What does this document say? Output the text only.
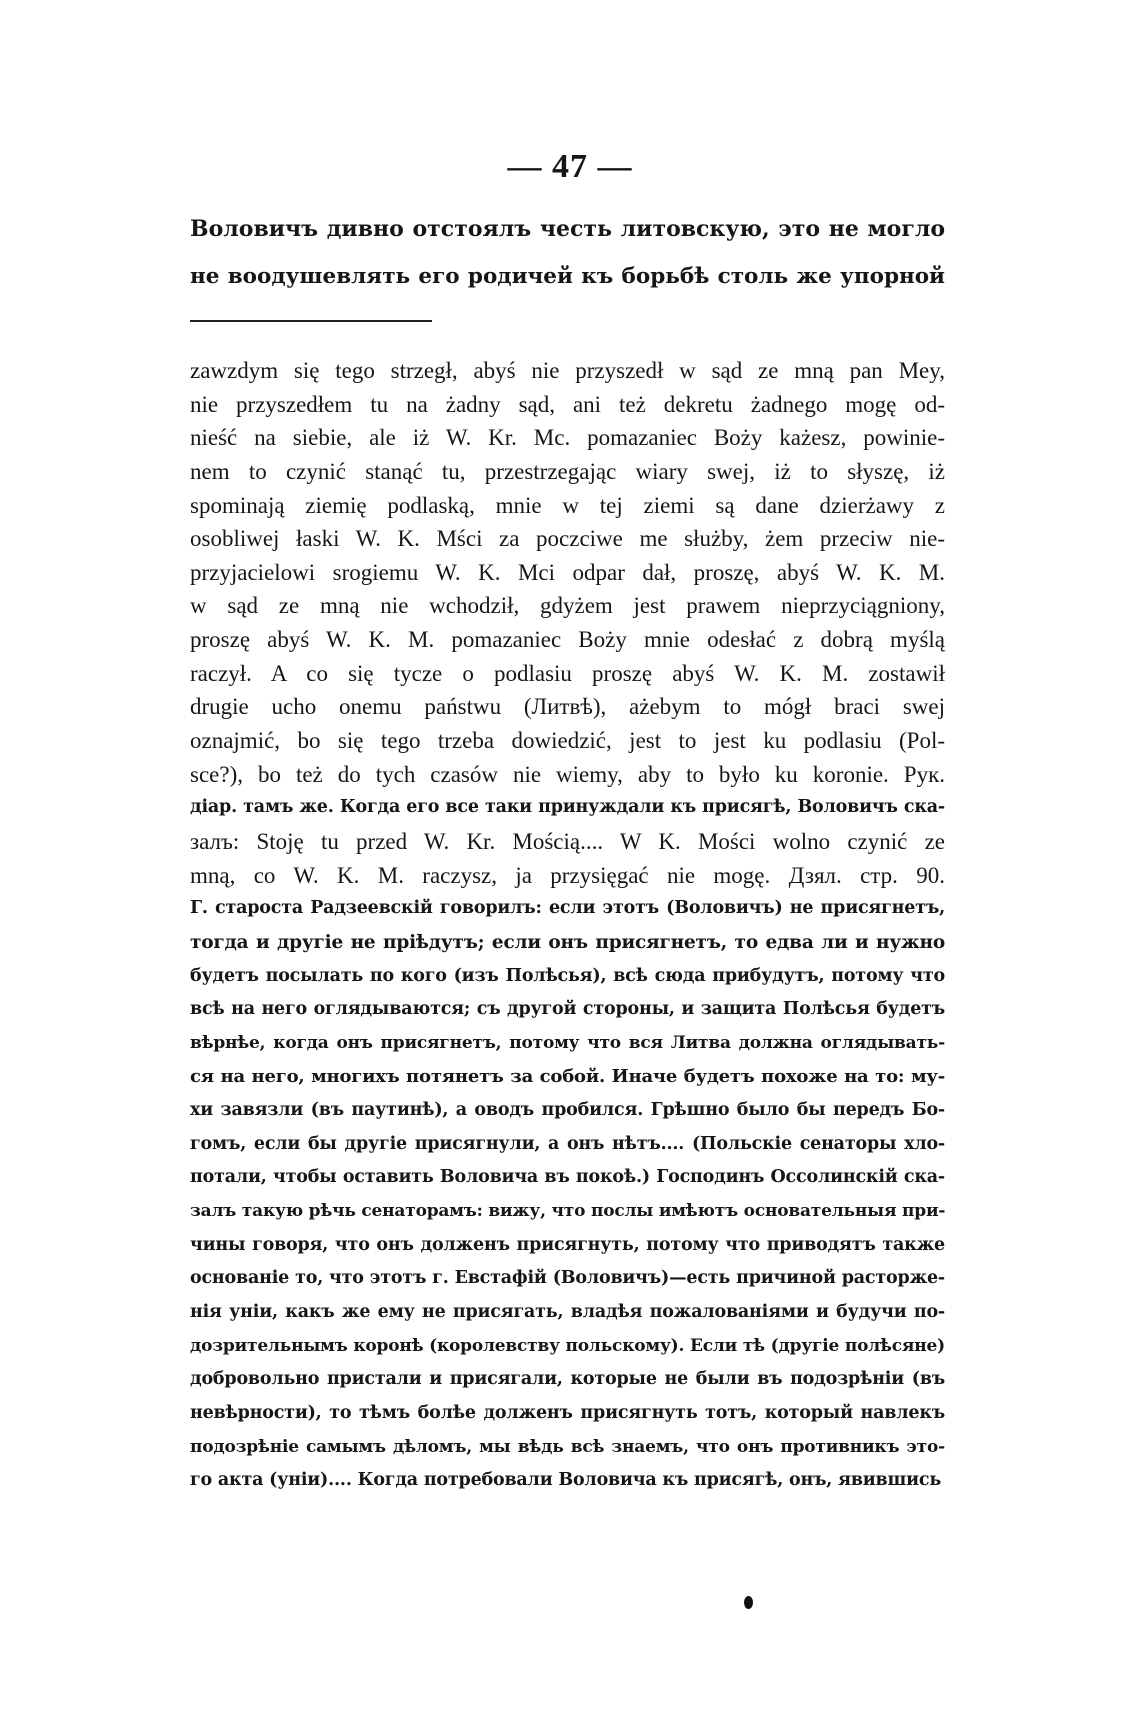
— 47 —
Воловичъ дивно отстоялъ честь литовскую, это не могло
не воодушевлять его родичей къ борьбѣ столь же упорной
zawzdym się tego strzegł, abyś nie przyszedł w sąd ze mną pan Mey,
nie przyszedłem tu na żadny sąd, ani też dekretu żadnego mogę od-
nieść na siebie, ale iż W. Kr. Mc. pomazaniec Boży każesz, powinie-
nem to czynić stanąć tu, przestrzegając wiary swej, iż to słyszę, iż
spominają ziemię podlaską, mnie w tej ziemi są dane dzierżawy z
osobliwej łaski W. K. Mści za poczciwe me służby, żem przeciw nie-
przyjacielowi srogiemu W. K. Mci odpar dał, proszę, abyś W. K. M.
w sąd ze mną nie wchodził, gdyżem jest prawem nieprzyciągniony,
proszę abyś W. K. M. pomazaniec Boży mnie odesłać z dobrą myślą
raczył. A co się tycze o podlasiu proszę abyś W. K. M. zostawił
drugie ucho onemu państwu (Литвѣ), ażebym to mógł braci swej
oznajmić, bo się tego trzeba dowiedzić, jest to jest ku podlasiu (Pol-
sce?), bo też do tych czasów nie wiemy, aby to było ku koronie. Рук.
діар. тамъ же. Когда его все таки принуждали къ присягѣ, Воловичъ ска-
залъ: Stoję tu przed W. Kr. Mością.... W K. Mości wolno czynić ze
mną, co W. K. M. raczysz, ja przysięgać nie mogę. Дзял. стр. 90.
Г. староста Радзеевскій говорилъ: если этотъ (Воловичъ) не присягнетъ,
тогда и другіе не пріѣдутъ; если онъ присягнетъ, то едва ли и нужно
будетъ посылать по кого (изъ Полѣсья), всѣ сюда прибудутъ, потому что
всѣ на него оглядываются; съ другой стороны, и защита Полѣсья будетъ
вѣрнѣе, когда онъ присягнетъ, потому что вся Литва должна оглядывать-
ся на него, многихъ потянетъ за собой. Иначе будетъ похоже на то: му-
хи завязли (въ паутинѣ), а оводъ пробился. Грѣшно было бы передъ Бо-
гомъ, если бы другіе присягнули, а онъ нѣтъ.... (Польскіе сенаторы хло-
потали, чтобы оставить Воловича въ покоѣ.) Господинъ Оссолинскій ска-
залъ такую рѣчь сенаторамъ: вижу, что послы имѣютъ основательныя при-
чины говоря, что онъ долженъ присягнуть, потому что приводятъ также
основаніе то, что этотъ г. Евстафій (Воловичъ)—есть причиной расторже-
нія уніи, какъ же ему не присягать, владѣя пожалованіями и будучи по-
дозрительнымъ коронѣ (королевству польскому). Если тѣ (другіе полѣсяне)
добровольно пристали и присягали, которые не были въ подозрѣніи (въ
невѣрности), то тѣмъ болѣе долженъ присягнуть тотъ, который навлекъ
подозрѣніе самымъ дѣломъ, мы вѣдь всѣ знаемъ, что онъ противникъ это-
го акта (уніи).... Когда потребовали Воловича къ присягѣ, онъ, явившись
